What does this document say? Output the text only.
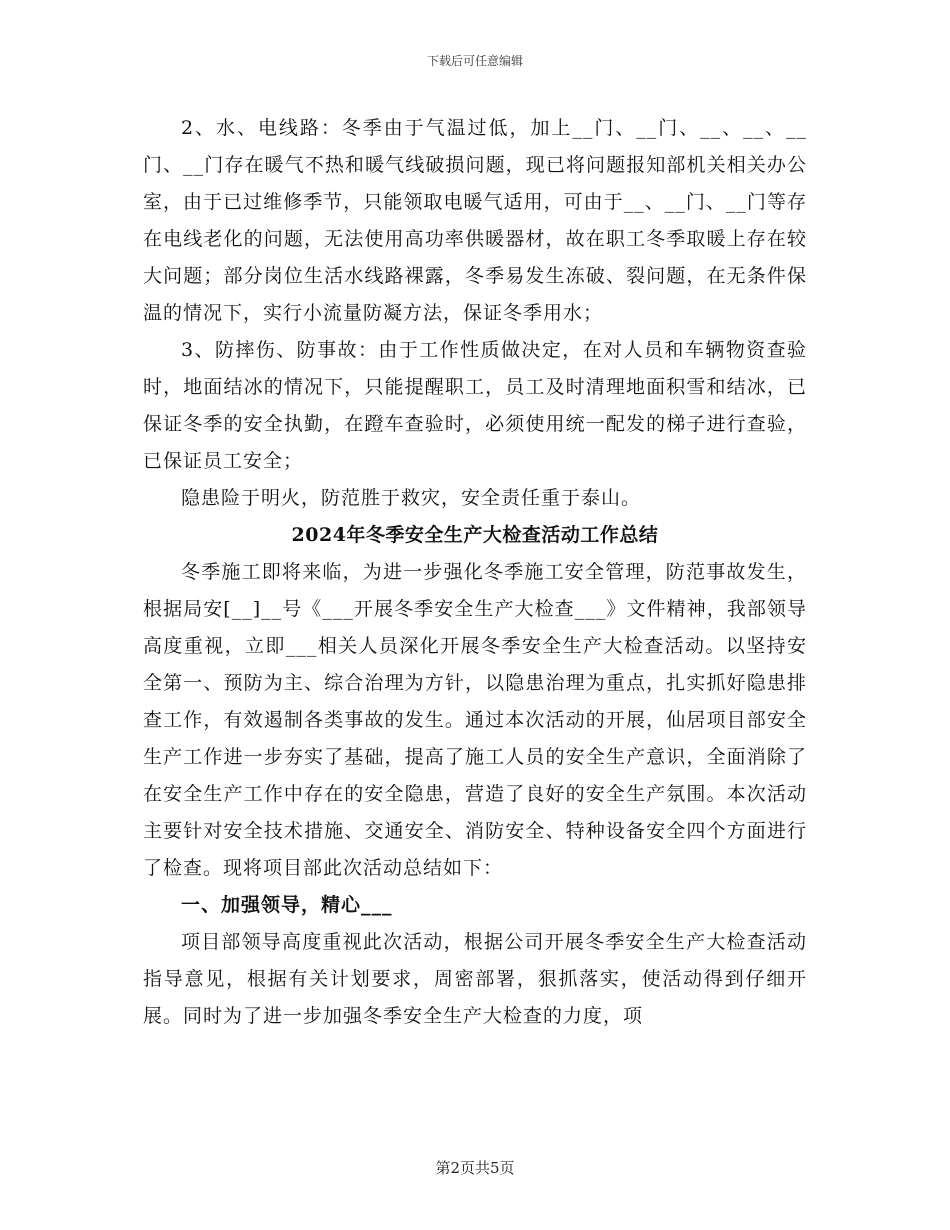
下载后可任意编辑

2、水、电线路：冬季由于气温过低，加上__门、__门、__、__、__门、__门存在暖气不热和暖气线破损问题，现已将问题报知部机关相关办公室，由于已过维修季节，只能领取电暖气适用，可由于__、__门、__门等存在电线老化的问题，无法使用高功率供暖器材，故在职工冬季取暖上存在较大问题；部分岗位生活水线路裸露，冬季易发生冻破、裂问题，在无条件保温的情况下，实行小流量防凝方法，保证冬季用水；

3、防摔伤、防事故：由于工作性质做决定，在对人员和车辆物资查验时，地面结冰的情况下，只能提醒职工，员工及时清理地面积雪和结冰，已保证冬季的安全执勤，在蹬车查验时，必须使用统一配发的梯子进行查验，已保证员工安全；

隐患险于明火，防范胜于救灾，安全责任重于泰山。

2024年冬季安全生产大检查活动工作总结

冬季施工即将来临，为进一步强化冬季施工安全管理，防范事故发生，根据局安[__]__号《___开展冬季安全生产大检查___》文件精神，我部领导高度重视，立即___相关人员深化开展冬季安全生产大检查活动。以坚持安全第一、预防为主、综合治理为方针，以隐患治理为重点，扎实抓好隐患排查工作，有效遏制各类事故的发生。通过本次活动的开展，仙居项目部安全生产工作进一步夯实了基础，提高了施工人员的安全生产意识，全面消除了在安全生产工作中存在的安全隐患，营造了良好的安全生产氛围。本次活动主要针对安全技术措施、交通安全、消防安全、特种设备安全四个方面进行了检查。现将项目部此次活动总结如下：

一、加强领导，精心___

项目部领导高度重视此次活动，根据公司开展冬季安全生产大检查活动指导意见，根据有关计划要求，周密部署，狠抓落实，使活动得到仔细开展。同时为了进一步加强冬季安全生产大检查的力度，项

第2页共5页
